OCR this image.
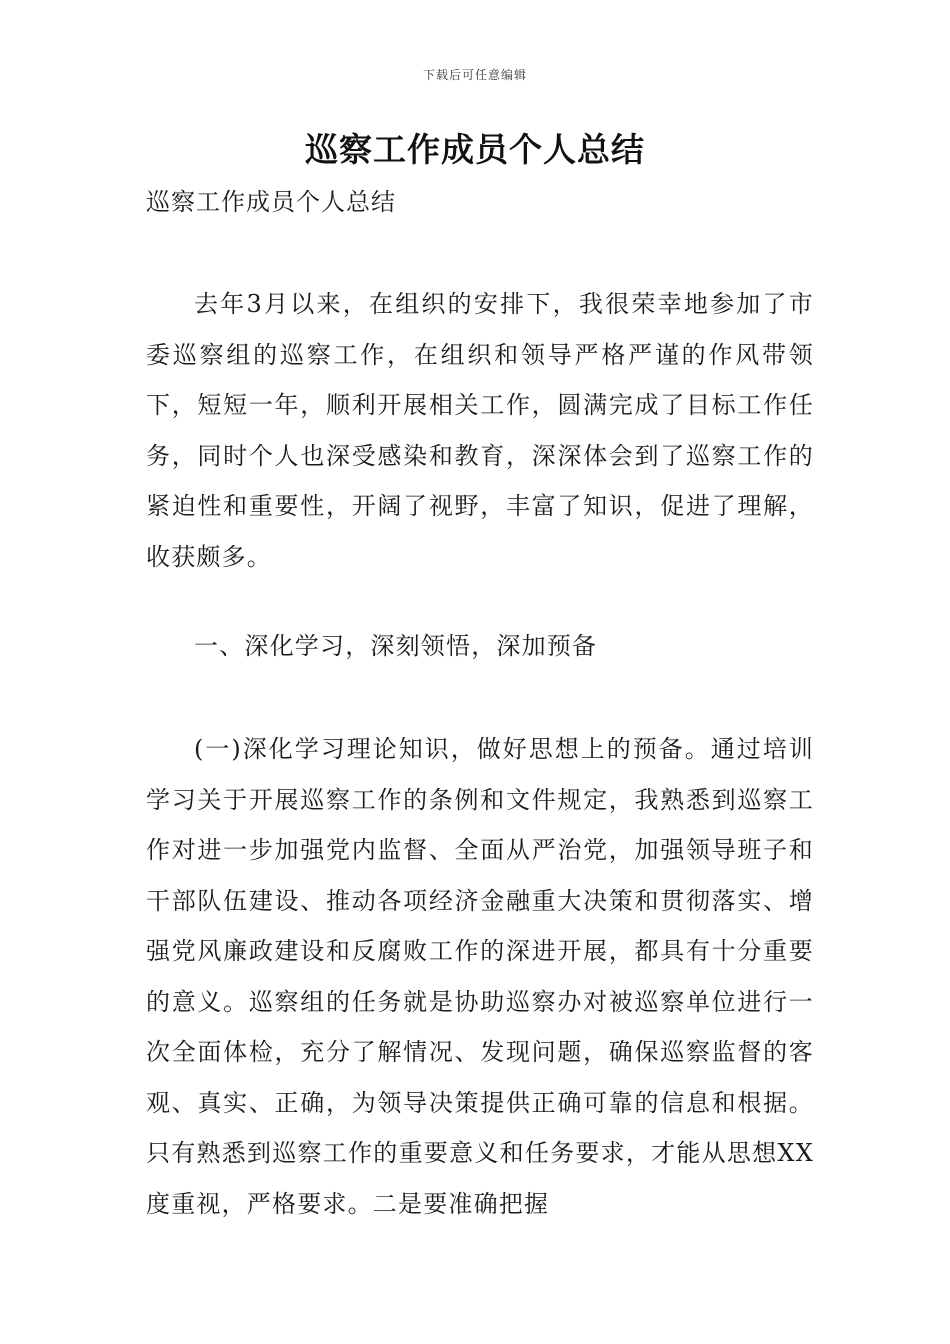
下载后可任意编辑
巡察工作成员个人总结
巡察工作成员个人总结

去年3月以来，在组织的安排下，我很荣幸地参加了市委巡察组的巡察工作，在组织和领导严格严谨的作风带领下，短短一年，顺利开展相关工作，圆满完成了目标工作任务，同时个人也深受感染和教育，深深体会到了巡察工作的紧迫性和重要性，开阔了视野，丰富了知识，促进了理解，收获颇多。

一、深化学习，深刻领悟，深加预备

(一)深化学习理论知识，做好思想上的预备。通过培训学习关于开展巡察工作的条例和文件规定，我熟悉到巡察工作对进一步加强党内监督、全面从严治党，加强领导班子和干部队伍建设、推动各项经济金融重大决策和贯彻落实、增强党风廉政建设和反腐败工作的深进开展，都具有十分重要的意义。巡察组的任务就是协助巡察办对被巡察单位进行一次全面体检，充分了解情况、发现问题，确保巡察监督的客观、真实、正确，为领导决策提供正确可靠的信息和根据。只有熟悉到巡察工作的重要意义和任务要求，才能从思想XX度重视，严格要求。二是要准确把握
